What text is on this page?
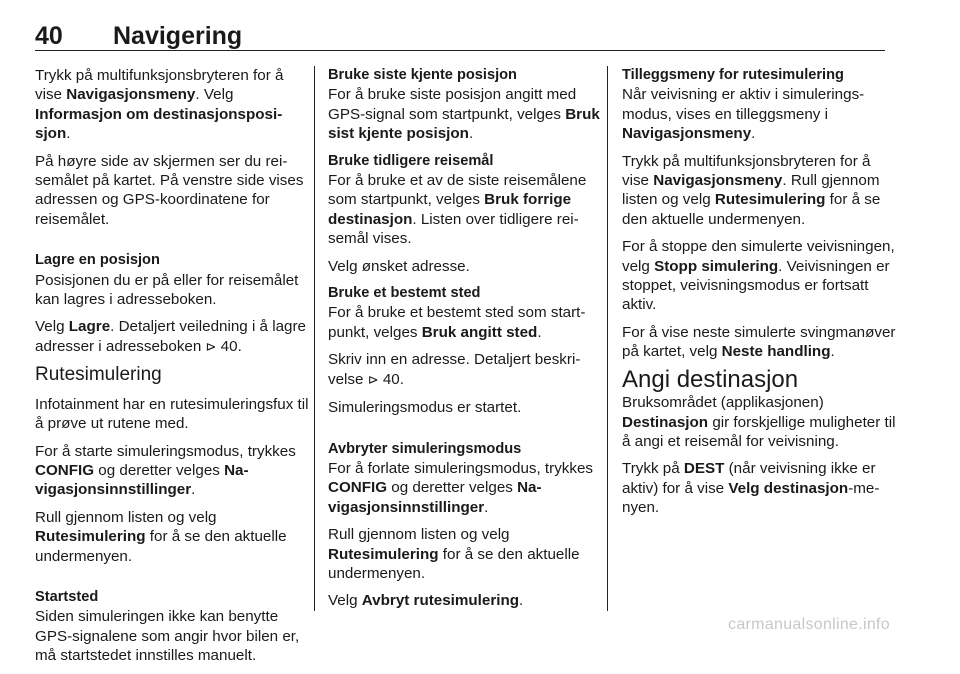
40 Navigering

Trykk på multifunksjonsbryteren for å vise Navigasjonsmeny. Velg Informasjon om destinasjonsposisjon.

På høyre side av skjermen ser du reisemålet på kartet. På venstre side vises adressen og GPS-koordinatene for reisemålet.

Lagre en posisjon

Posisjonen du er på eller for reisemålet kan lagres i adresseboken.

Velg Lagre. Detaljert veiledning i å lagre adresser i adresseboken ⊳ 40.

Rutesimulering

Infotainment har en rutesimuleringsfux til å prøve ut rutene med.

For å starte simuleringsmodus, trykkes CONFIG og deretter velges Navigasjonsinnstillinger.

Rull gjennom listen og velg Rutesimulering for å se den aktuelle undermenyen.

Startsted

Siden simuleringen ikke kan benytte GPS-signalene som angir hvor bilen er, må startstedet innstilles manuelt.

Bruke siste kjente posisjon

For å bruke siste posisjon angitt med GPS-signal som startpunkt, velges Bruk sist kjente posisjon.

Bruke tidligere reisemål

For å bruke et av de siste reisemålene som startpunkt, velges Bruk forrige destinasjon. Listen over tidligere reisemål vises.

Velg ønsket adresse.

Bruke et bestemt sted

For å bruke et bestemt sted som startpunkt, velges Bruk angitt sted.

Skriv inn en adresse. Detaljert beskrivelse ⊳ 40.

Simuleringsmodus er startet.

Avbryter simuleringsmodus

For å forlate simuleringsmodus, trykkes CONFIG og deretter velges Navigasjonsinnstillinger.

Rull gjennom listen og velg Rutesimulering for å se den aktuelle undermenyen.

Velg Avbryt rutesimulering.

Tilleggsmeny for rutesimulering

Når veivisning er aktiv i simuleringsmodus, vises en tilleggsmeny i Navigasjonsmeny.

Trykk på multifunksjonsbryteren for å vise Navigasjonsmeny. Rull gjennom listen og velg Rutesimulering for å se den aktuelle undermenyen.

For å stoppe den simulerte veivisningen, velg Stopp simulering. Veivisningen er stoppet, veivisningsmodus er fortsatt aktiv.

For å vise neste simulerte svingmanøver på kartet, velg Neste handling.

Angi destinasjon
Bruksområdet (applikasjonen)

Destinasjon gir forskjellige muligheter til å angi et reisemål for veivisning.

Trykk på DEST (når veivisning ikke er aktiv) for å vise Velg destinasjon-menyen.

carmanualsonline.info
